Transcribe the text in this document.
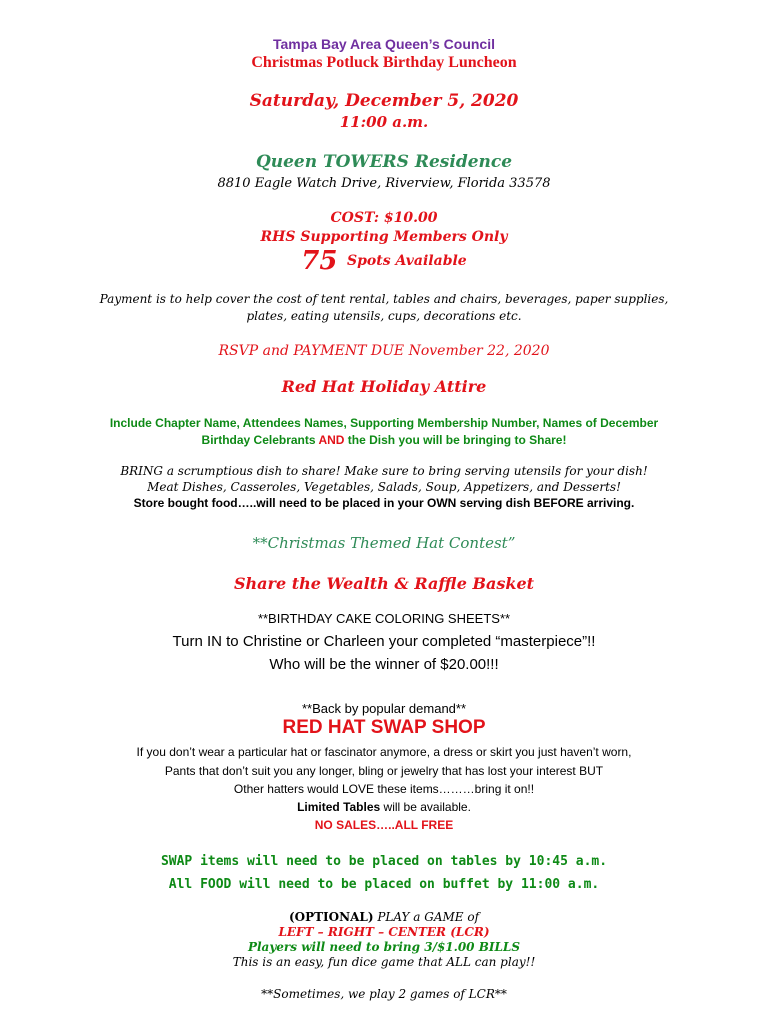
Tampa Bay Area Queen’s Council
Christmas Potluck Birthday Luncheon
Saturday, December 5, 2020
11:00 a.m.
Queen TOWERS Residence
8810 Eagle Watch Drive, Riverview, Florida 33578
COST: $10.00
RHS Supporting Members Only
75 Spots Available
Payment is to help cover the cost of tent rental, tables and chairs, beverages, paper supplies,
plates, eating utensils, cups, decorations etc.
RSVP and PAYMENT DUE November 22, 2020
Red Hat Holiday Attire
Include Chapter Name, Attendees Names, Supporting Membership Number, Names of December
Birthday Celebrants AND the Dish you will be bringing to Share!
BRING a scrumptious dish to share! Make sure to bring serving utensils for your dish!
Meat Dishes, Casseroles, Vegetables, Salads, Soup, Appetizers, and Desserts!
Store bought food…..will need to be placed in your OWN serving dish BEFORE arriving.
**Christmas Themed Hat Contest”
Share the Wealth & Raffle Basket
**BIRTHDAY CAKE COLORING SHEETS**
Turn IN to Christine or Charleen your completed “masterpiece”!!
Who will be the winner of $20.00!!!
**Back by popular demand**
RED HAT SWAP SHOP
If you don’t wear a particular hat or fascinator anymore, a dress or skirt you just haven’t worn,
Pants that don’t suit you any longer, bling or jewelry that has lost your interest BUT
Other hatters would LOVE these items………bring it on!!
Limited Tables will be available.
NO SALES…..ALL FREE
SWAP items will need to be placed on tables by 10:45 a.m.
All FOOD will need to be placed on buffet by 11:00 a.m.
(OPTIONAL) PLAY a GAME of
LEFT – RIGHT – CENTER (LCR)
Players will need to bring 3/$1.00 BILLS
This is an easy, fun dice game that ALL can play!!
**Sometimes, we play 2 games of LCR**
